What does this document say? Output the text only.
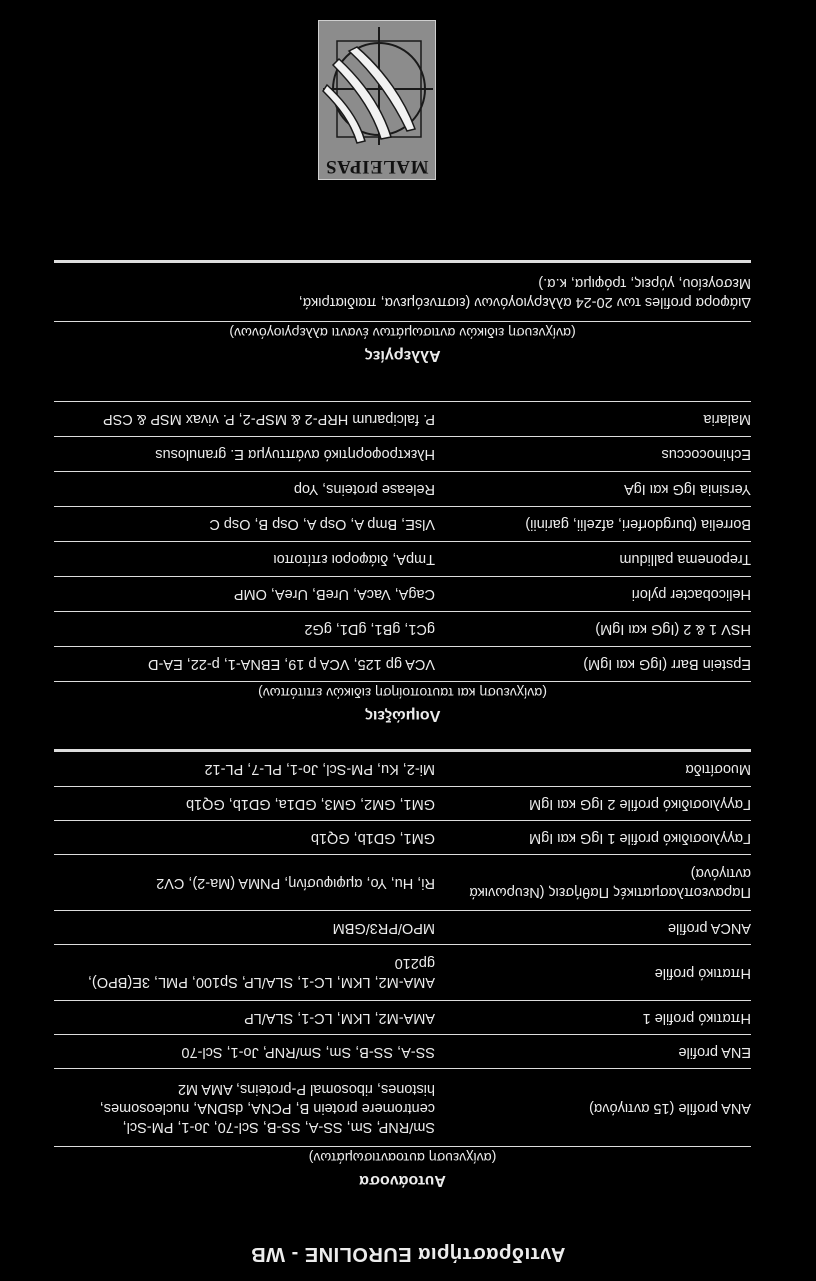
Αντιδραστήρια EUROLINE - WB
Αυτοάνοσα
(ανίχνευση αυτοαντισωμάτων)
ANA profile (15 αντιγόνα)
Sm/RNP, Sm, SS-A, SS-B, Scl-70, Jo-1, PM-Scl, centromere protein B, PCNA, dsDNA, nucleosomes, histones, ribosomal P-proteins, AMA M2
ENA profile
SS-A, SS-B, Sm, Sm/RNP, Jo-1, Scl-70
Ηπατικό profile 1
AMA-M2, LKM, LC-1, SLA/LP
Ηπατικό profile
AMA-M2, LKM, LC-1, SLA/LP, Sp100, PML, 3E(BPO), gp210
ANCA profile
MPO/PR3/GBM
Παρανεοπλασματικές Παθήσεις (Νευρωνικά αντιγόνα)
Ri, Hu, Yo, αμφιφυσίνη, PNMA (Ma-2), CV2
Γαγγλιοσιδικό profile 1 IgG και IgM
GM1, GD1b, GQ1b
Γαγγλιοσιδικό profile 2 IgG και IgM
GM1, GM2, GM3, GD1a, GD1b, GQ1b
Μυοσίτιδα
Mi-2, Ku, PM-Scl, Jo-1, PL-7, PL-12
Λοιμώξεις
(ανίχνευση και ταυτοποίηση ειδικών επιτόπων)
Epstein Barr (IgG και IgM)
VCA gp 125, VCA p 19, EBNA-1, p-22, EA-D
HSV 1 & 2 (IgG και IgM)
gC1, gB1, gD1, gG2
Helicobacter pylori
CagA, VacA, UreB, UreA, OMP
Treponema pallidum
TmpA, διάφοροι επίτοποι
Borrelia (burgdorferi, afzelii, garinii)
VlsE, Bmp A, Osp A, Osp B, Osp C
Yersinia IgG και IgA
Release proteins, Yop
Echinococcus
Ηλεκτροφορητικό ανάπτυγμα E. granulosus
Malaria
P. falciparum HRP-2 & MSP-2, P. vivax MSP & CSP
Αλλεργίες
(ανίχνευση ειδικών αντισωμάτων έναντι αλλεργιογόνων)
Διάφορα profiles των 20-24 αλλεργιογόνων (εισπνεόμενα, παιδιατρικά, Μεσογείου, γύρεις, τρόφιμα, κ.α.)
MALEIPAS
